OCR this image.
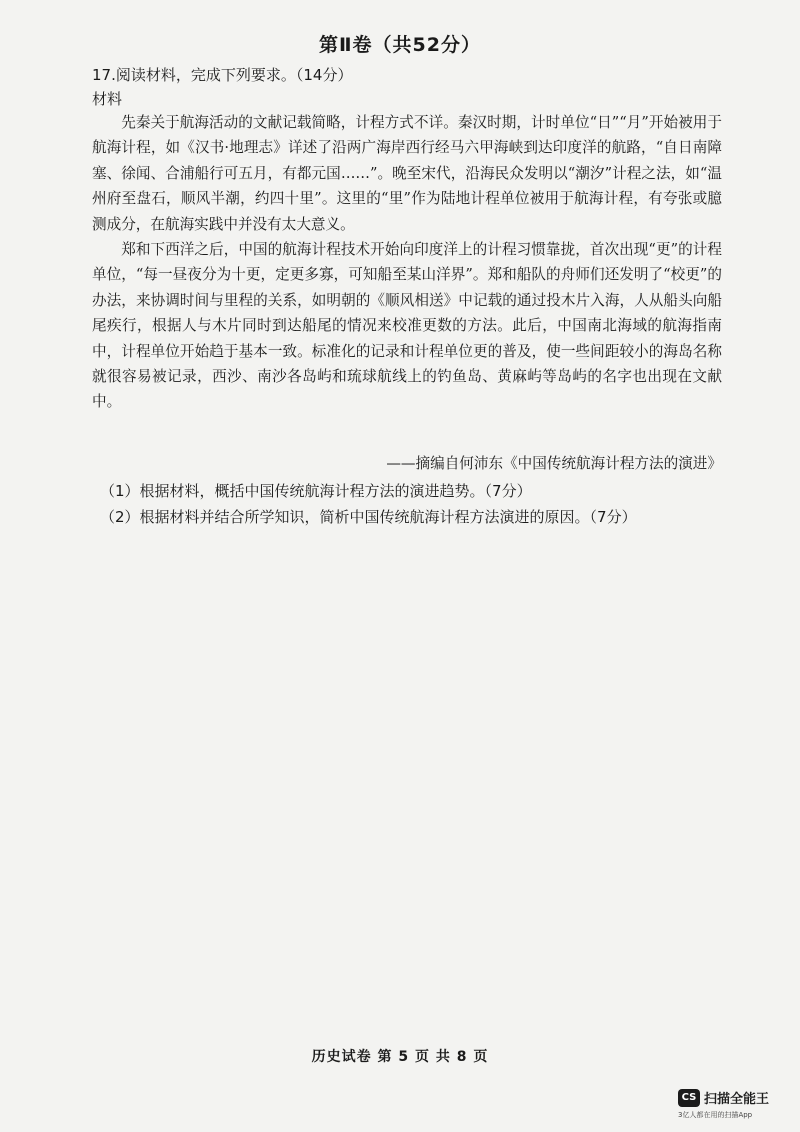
第Ⅱ卷（共52分）
17.阅读材料，完成下列要求。（14分）
材料

先秦关于航海活动的文献记载简略，计程方式不详。秦汉时期，计时单位“日”“月”开始被用于航海计程，如《汉书·地理志》详述了沿两广海岸西行经马六甲海峡到达印度洋的航路，“自日南障塞、徐闻、合浦船行可五月，有都元国……”。晚至宋代，沿海民众发明以“潮汐”计程之法，如“温州府至盘石，顺风半潮，约四十里”。这里的“里”作为陆地计程单位被用于航海计程，有夸张或臆测成分，在航海实践中并没有太大意义。

郑和下西洋之后，中国的航海计程技术开始向印度洋上的计程习惯靠拢，首次出现“更”的计程单位，“每一昼夜分为十更，定更多寡，可知船至某山洋界”。郑和船队的舟师们还发明了“校更”的办法，来协调时间与里程的关系，如明朝的《顺风相送》中记载的通过投木片入海，人从船头向船尾疾行，根据人与木片同时到达船尾的情况来校准更数的方法。此后，中国南北海域的航海指南中，计程单位开始趋于基本一致。标准化的记录和计程单位更的普及，使一些间距较小的海岛名称就很容易被记录，西沙、南沙各岛屿和琉球航线上的钓鱼岛、黄麻屿等岛屿的名字也出现在文献中。

——摘编自何沛东《中国传统航海计程方法的演进》
（1）根据材料，概括中国传统航海计程方法的演进趋势。（7分）
（2）根据材料并结合所学知识，简析中国传统航海计程方法演进的原因。（7分）
历史试卷 第 5 页 共 8 页
CS 扫描全能王
3亿人都在用的扫描App
